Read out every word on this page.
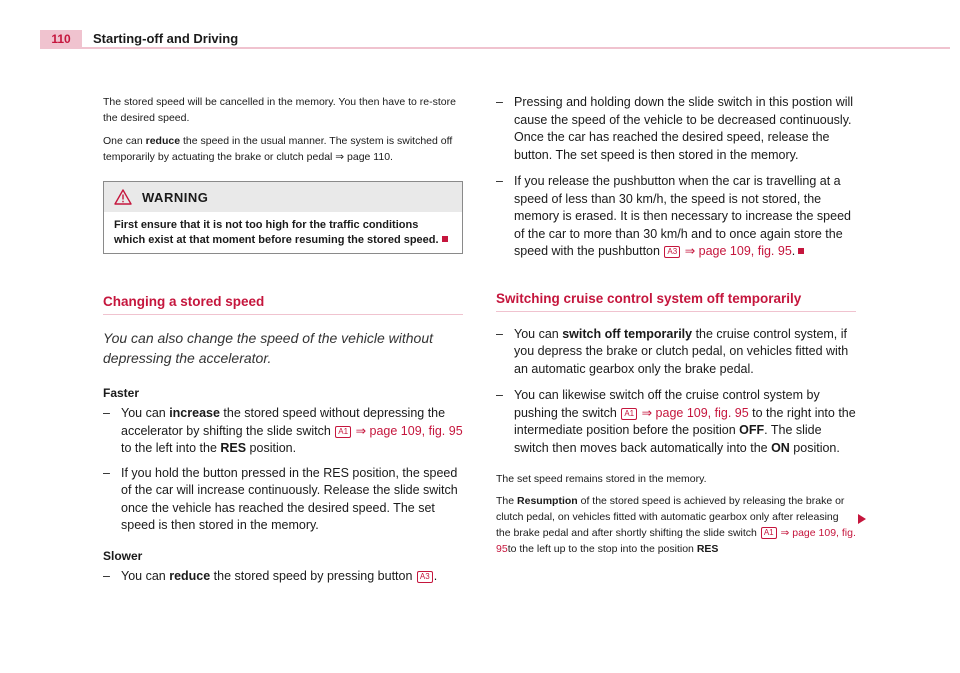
110	Starting-off and Driving

The stored speed will be cancelled in the memory. You then have to re-store the desired speed.

One can reduce the speed in the usual manner. The system is switched off temporarily by actuating the brake or clutch pedal ⇒ page 110.

WARNING
First ensure that it is not too high for the traffic conditions which exist at that moment before resuming the stored speed.
Changing a stored speed

You can also change the speed of the vehicle without depressing the accelerator.

Faster

– You can increase the stored speed without depressing the accelerator by shifting the slide switch A1 ⇒ page 109, fig. 95 to the left into the RES position.

– If you hold the button pressed in the RES position, the speed of the car will increase continuously. Release the slide switch once the vehicle has reached the desired speed. The set speed is then stored in the memory.

Slower

– You can reduce the stored speed by pressing button A3 .

– Pressing and holding down the slide switch in this postion will cause the speed of the vehicle to be decreased continuously. Once the car has reached the desired speed, release the button. The set speed is then stored in the memory.

– If you release the pushbutton when the car is travelling at a speed of less than 30 km/h, the speed is not stored, the memory is erased. It is then necessary to increase the speed of the car to more than 30 km/h and to once again store the speed with the pushbutton A3 ⇒ page 109, fig. 95.

Switching cruise control system off temporarily

– You can switch off temporarily the cruise control system, if you depress the brake or clutch pedal, on vehicles fitted with an automatic gearbox only the brake pedal.

– You can likewise switch off the cruise control system by pushing the switch A1 ⇒ page 109, fig. 95 to the right into the intermediate position before the position OFF. The slide switch then moves back automatically into the ON position.

The set speed remains stored in the memory.

The Resumption of the stored speed is achieved by releasing the brake or clutch pedal, on vehicles fitted with automatic gearbox only after releasing the brake pedal and after shortly shifting the slide switch A1 ⇒ page 109, fig. 95to the left up to the stop into the position RES
